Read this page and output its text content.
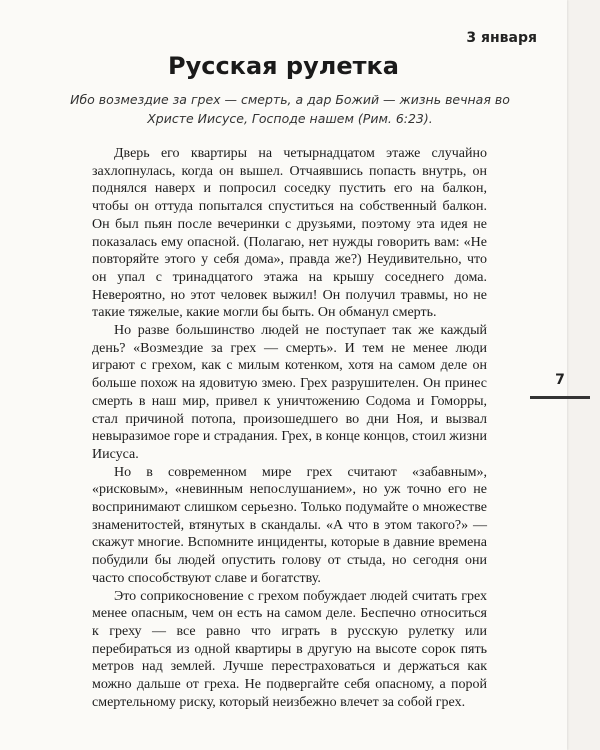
3 января
Русская рулетка
Ибо возмездие за грех — смерть, а дар Божий — жизнь вечная во Христе Иисусе, Господе нашем (Рим. 6:23).

Дверь его квартиры на четырнадцатом этаже случайно захлопнулась, когда он вышел. Отчаявшись попасть внутрь, он поднялся наверх и попросил соседку пустить его на балкон, чтобы он оттуда попытался спуститься на собственный балкон. Он был пьян после вечеринки с друзьями, поэтому эта идея не показалась ему опасной. (Полагаю, нет нужды говорить вам: «Не повторяйте этого у себя дома», правда же?) Неудивительно, что он упал с тринадцатого этажа на крышу соседнего дома. Невероятно, но этот человек выжил! Он получил травмы, но не такие тяжелые, какие могли бы быть. Он обманул смерть.

Но разве большинство людей не поступает так же каждый день? «Возмездие за грех — смерть». И тем не менее люди играют с грехом, как с милым котенком, хотя на самом деле он больше похож на ядовитую змею. Грех разрушителен. Он принес смерть в наш мир, привел к уничтожению Содома и Гоморры, стал причиной потопа, произошедшего во дни Ноя, и вызвал невыразимое горе и страдания. Грех, в конце концов, стоил жизни Иисуса.

Но в современном мире грех считают «забавным», «рисковым», «невинным непослушанием», но уж точно его не воспринимают слишком серьезно. Только подумайте о множестве знаменитостей, втянутых в скандалы. «А что в этом такого?» — скажут многие. Вспомните инциденты, которые в давние времена побудили бы людей опустить голову от стыда, но сегодня они часто способствуют славе и богатству.

Это соприкосновение с грехом побуждает людей считать грех менее опасным, чем он есть на самом деле. Беспечно относиться к греху — все равно что играть в русскую рулетку или перебираться из одной квартиры в другую на высоте сорок пять метров над землей. Лучше перестраховаться и держаться как можно дальше от греха. Не подвергайте себя опасному, а порой смертельному риску, который неизбежно влечет за собой грех.

7
